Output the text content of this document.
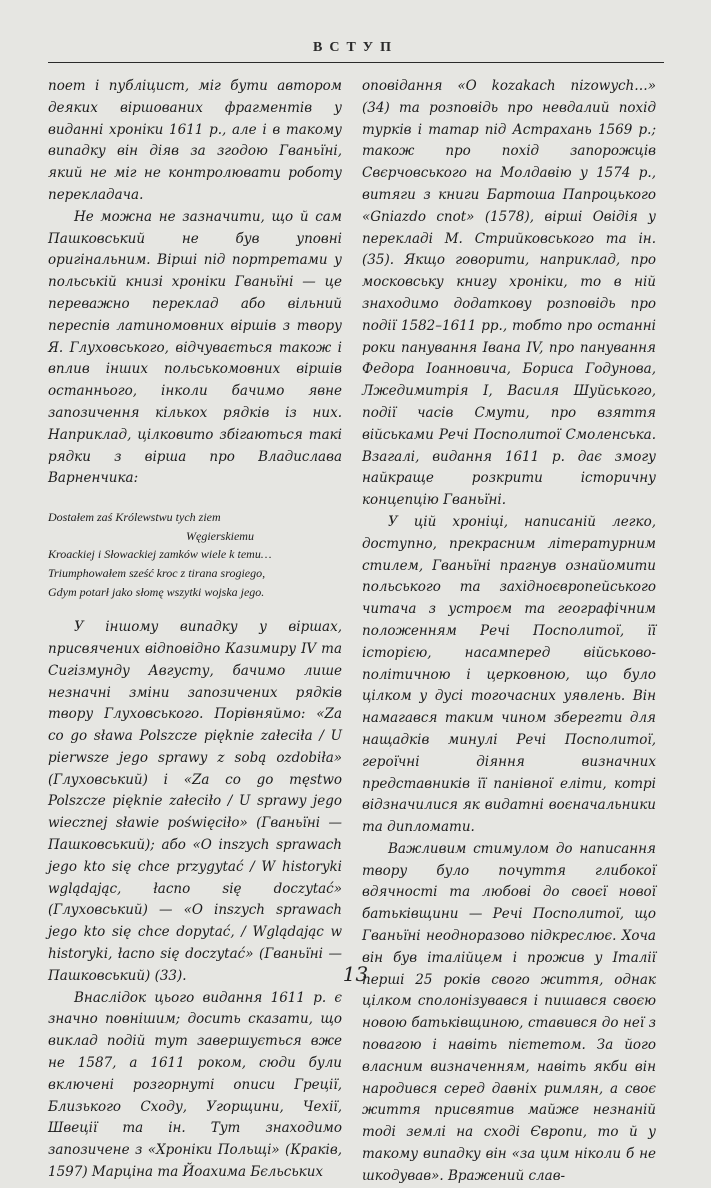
ВСТУП

поет і публіцист, міг бути автором деяких віршованих фрагментів у виданні хроніки 1611 р., але і в такому випадку він діяв за згодою Гваньїні, який не міг не контролювати роботу перекладача.

Не можна не зазначити, що й сам Пашковський не був уповні оригінальним. Вірші під портретами у польській книзі хроніки Гваньїні — це переважно переклад або вільний переспів латиномовних віршів з твору Я. Глуховського, відчувається також і вплив інших польськомовних віршів останнього, інколи бачимо явне запозичення кількох рядків із них. Наприклад, цілковито збігаються такі рядки з вірша про Владислава Варненчика:

Dostałem zaś Królewstwu tych ziem
Węgierskiemu
Kroackiej i Słowackiej zamków wiele k temu…
Triumphowałem sześć kroc z tirana srogiego,
Gdym potarł jako słomę wszytki wojska jego.

У іншому випадку у віршах, присвячених відповідно Казимиру IV та Сигізмунду Августу, бачимо лише незначні зміни запозичених рядків твору Глуховського. Порівняймо: «Za co go sława Polszcze pięknie załeciła / U pierwsze jego sprawy z sobą ozdobiła» (Глуховський) і «Za co go męstwo Polszcze pięknie załeciło / U sprawy jego wiecznej sławie poświęciło» (Гваньїні — Пашковський); або «O inszych sprawach jego kto się chce przygytać / W historyki wglądając, łacno się doczytać» (Глуховський) — «O inszych sprawach jego kto się chce dopytać, / Wglądając w historyki, łacno się doczytać» (Гваньїні — Пашковський) (33).

Внаслідок цього видання 1611 р. є значно повнішим; досить сказати, що виклад подій тут завершується вже не 1587, а 1611 роком, сюди були включені розгорнуті описи Греції, Близького Сходу, Угорщини, Чехії, Швеції та ін. Тут знаходимо запозичене з «Хроніки Польщі» (Краків, 1597) Марціна та Йоахима Бєльських

оповідання «O kozakach nizowych…» (34) та розповідь про невдалий похід турків і татар під Астрахань 1569 р.; також про похід запорожців Свєрчовського на Молдавію у 1574 р., витяги з книги Бартоша Папроцького «Gniazdo cnot» (1578), вірші Овідія у перекладі М. Стрийковського та ін. (35). Якщо говорити, наприклад, про московську книгу хроніки, то в ній знаходимо додаткову розповідь про події 1582–1611 рр., тобто про останні роки панування Івана IV, про панування Федора Іоанновича, Бориса Годунова, Лжедимитрія I, Василя Шуйського, події часів Смути, про взяття військами Речі Посполитої Смоленська. Взагалі, видання 1611 р. дає змогу найкраще розкрити історичну концепцію Гваньїні.

У цій хроніці, написаній легко, доступно, прекрасним літературним стилем, Гваньїні прагнув ознайомити польського та західноєвропейського читача з устроєм та географічним положенням Речі Посполитої, її історією, насамперед військово-політичною і церковною, що було цілком у дусі тогочасних уявлень. Він намагався таким чином зберегти для нащадків минулі Речі Посполитої, героїчні діяння визначних представників її панівної еліти, котрі відзначилися як видатні воєначальники та дипломати.

Важливим стимулом до написання твору було почуття глибокої вдячності та любові до своєї нової батьківщини — Речі Посполитої, що Гваньїні неодноразово підкреслює. Хоча він був італійцем і прожив у Італії перші 25 років свого життя, однак цілком сполонізувався і пишався своєю новою батьківщиною, ставився до неї з повагою і навіть пієтетом. За його власним визначенням, навіть якби він народився серед давніх римлян, а своє життя присвятив майже незнаній тоді землі на сході Європи, то й у такому випадку він «за цим ніколи б не шкодував». Вражений слав-

13
